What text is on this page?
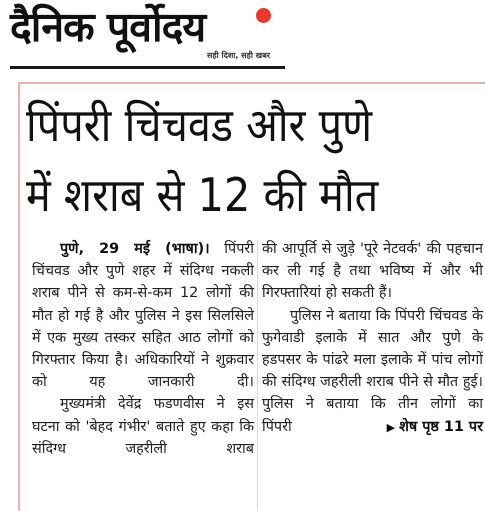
दैनिक पूर्वोदय
सही दिशा, सही खबर
पिंपरी चिंचवड और पुणे
में शराब से 12 की मौत

पुणे, 29 मई (भाषा)। पिंपरी चिंचवड और पुणे शहर में संदिग्ध नकली शराब पीने से कम-से-कम 12 लोगों की मौत हो गई है और पुलिस ने इस सिलसिले में एक मुख्य तस्कर सहित आठ लोगों को गिरफ्तार किया है। अधिकारियों ने शुक्रवार को यह जानकारी दी।

मुख्यमंत्री देवेंद्र फडणवीस ने इस घटना को 'बेहद गंभीर' बताते हुए कहा कि संदिग्ध जहरीली शराब

की आपूर्ति से जुड़े 'पूरे नेटवर्क' की पहचान कर ली गई है तथा भविष्य में और भी गिरफ्तारियां हो सकती हैं।

पुलिस ने बताया कि पिंपरी चिंचवड के फुगेवाडी इलाके में सात और पुणे के हडपसर के पांढरे मला इलाके में पांच लोगों की संदिग्ध जहरीली शराब पीने से मौत हुई। पुलिस ने बताया कि तीन लोगों का

पिंपरी	▶ शेष पृष्ठ 11 पर
